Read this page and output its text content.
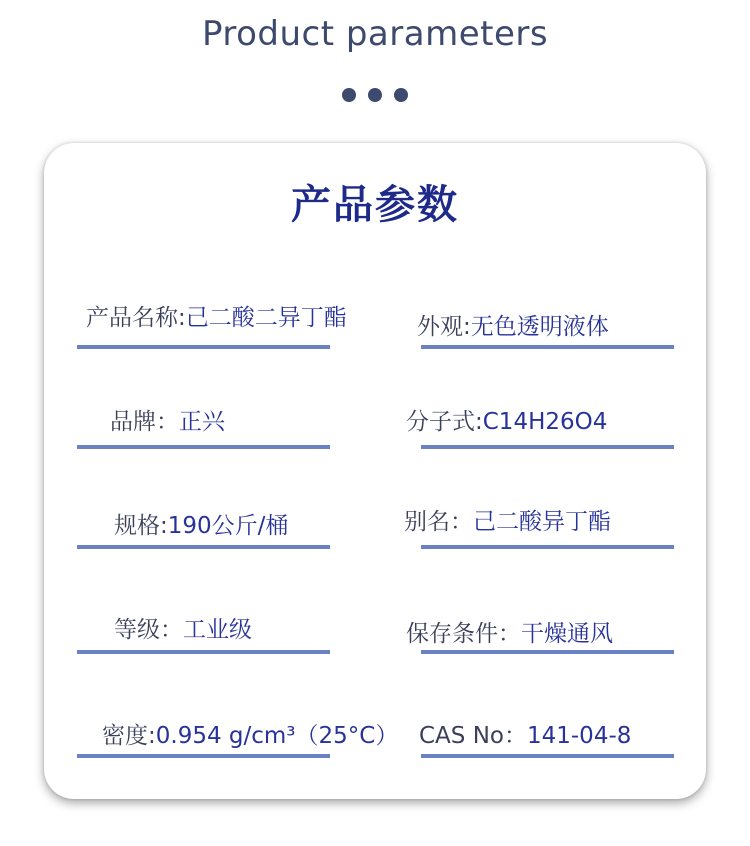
Product parameters
产品参数
产品名称:己二酸二异丁酯	外观:无色透明液体
品牌：正兴	分子式:C14H26O4
规格:190公斤/桶	别名：己二酸异丁酯
等级：工业级	保存条件：干燥通风
密度:0.954 g/cm³（25°C） CAS No：141-04-8
